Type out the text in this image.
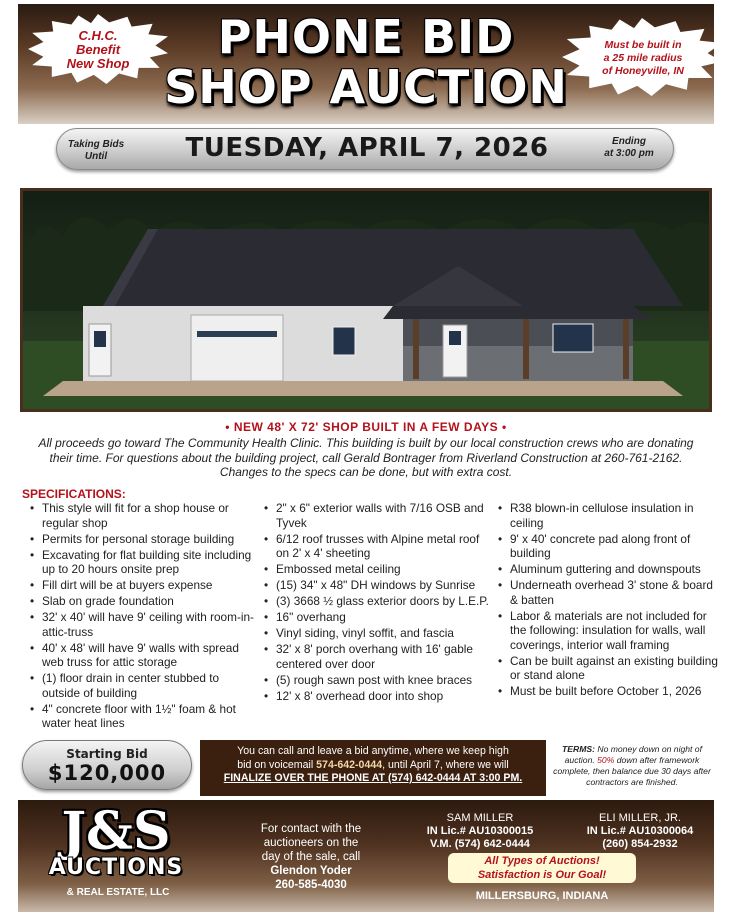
PHONE BID
SHOP AUCTION
C.H.C.
Benefit
New Shop
Must be built in
a 25 mile radius
of Honeyville, IN
Taking Bids
Until	TUESDAY, APRIL 7, 2026	Ending
at 3:00 pm
• NEW 48' X 72' SHOP BUILT IN A FEW DAYS •
All proceeds go toward The Community Health Clinic. This building is built by our local construction crews who are donating their time. For questions about the building project, call Gerald Bontrager from Riverland Construction at 260-761-2162. Changes to the specs can be done, but with extra cost.
SPECIFICATIONS:
• This style will fit for a shop house or regular shop
• Permits for personal storage building
• Excavating for flat building site including up to 20 hours onsite prep
• Fill dirt will be at buyers expense
• Slab on grade foundation
• 32' x 40' will have 9' ceiling with room-in-attic-truss
• 40' x 48' will have 9' walls with spread web truss for attic storage
• (1) floor drain in center stubbed to outside of building
• 4" concrete floor with 1½" foam & hot water heat lines
• 2" x 6" exterior walls with 7/16 OSB and Tyvek
• 6/12 roof trusses with Alpine metal roof on 2' x 4' sheeting
• Embossed metal ceiling
• (15) 34" x 48" DH windows by Sunrise
• (3) 3668 ½ glass exterior doors by L.E.P.
• 16" overhang
• Vinyl siding, vinyl soffit, and fascia
• 32' x 8' porch overhang with 16' gable centered over door
• (5) rough sawn post with knee braces
• 12' x 8' overhead door into shop
• R38 blown-in cellulose insulation in ceiling
• 9' x 40' concrete pad along front of building
• Aluminum guttering and downspouts
• Underneath overhead 3' stone & board & batten
• Labor & materials are not included for the following: insulation for walls, wall coverings, interior wall framing
• Can be built against an existing building or stand alone
• Must be built before October 1, 2026
Starting Bid
$120,000
You can call and leave a bid anytime, where we keep high
bid on voicemail 574-642-0444, until April 7, where we will
FINALIZE OVER THE PHONE AT (574) 642-0444 AT 3:00 PM.
TERMS: No money down on night of auction. 50% down after framework complete, then balance due 30 days after contractors are finished.
J&S
AUCTIONS
& REAL ESTATE, LLC
For contact with the
auctioneers on the
day of the sale, call
Glendon Yoder
260-585-4030
SAM MILLER
IN Lic.# AU10300015
V.M. (574) 642-0444
ELI MILLER, JR.
IN Lic.# AU10300064
(260) 854-2932
All Types of Auctions!
Satisfaction is Our Goal!
MILLERSBURG, INDIANA
